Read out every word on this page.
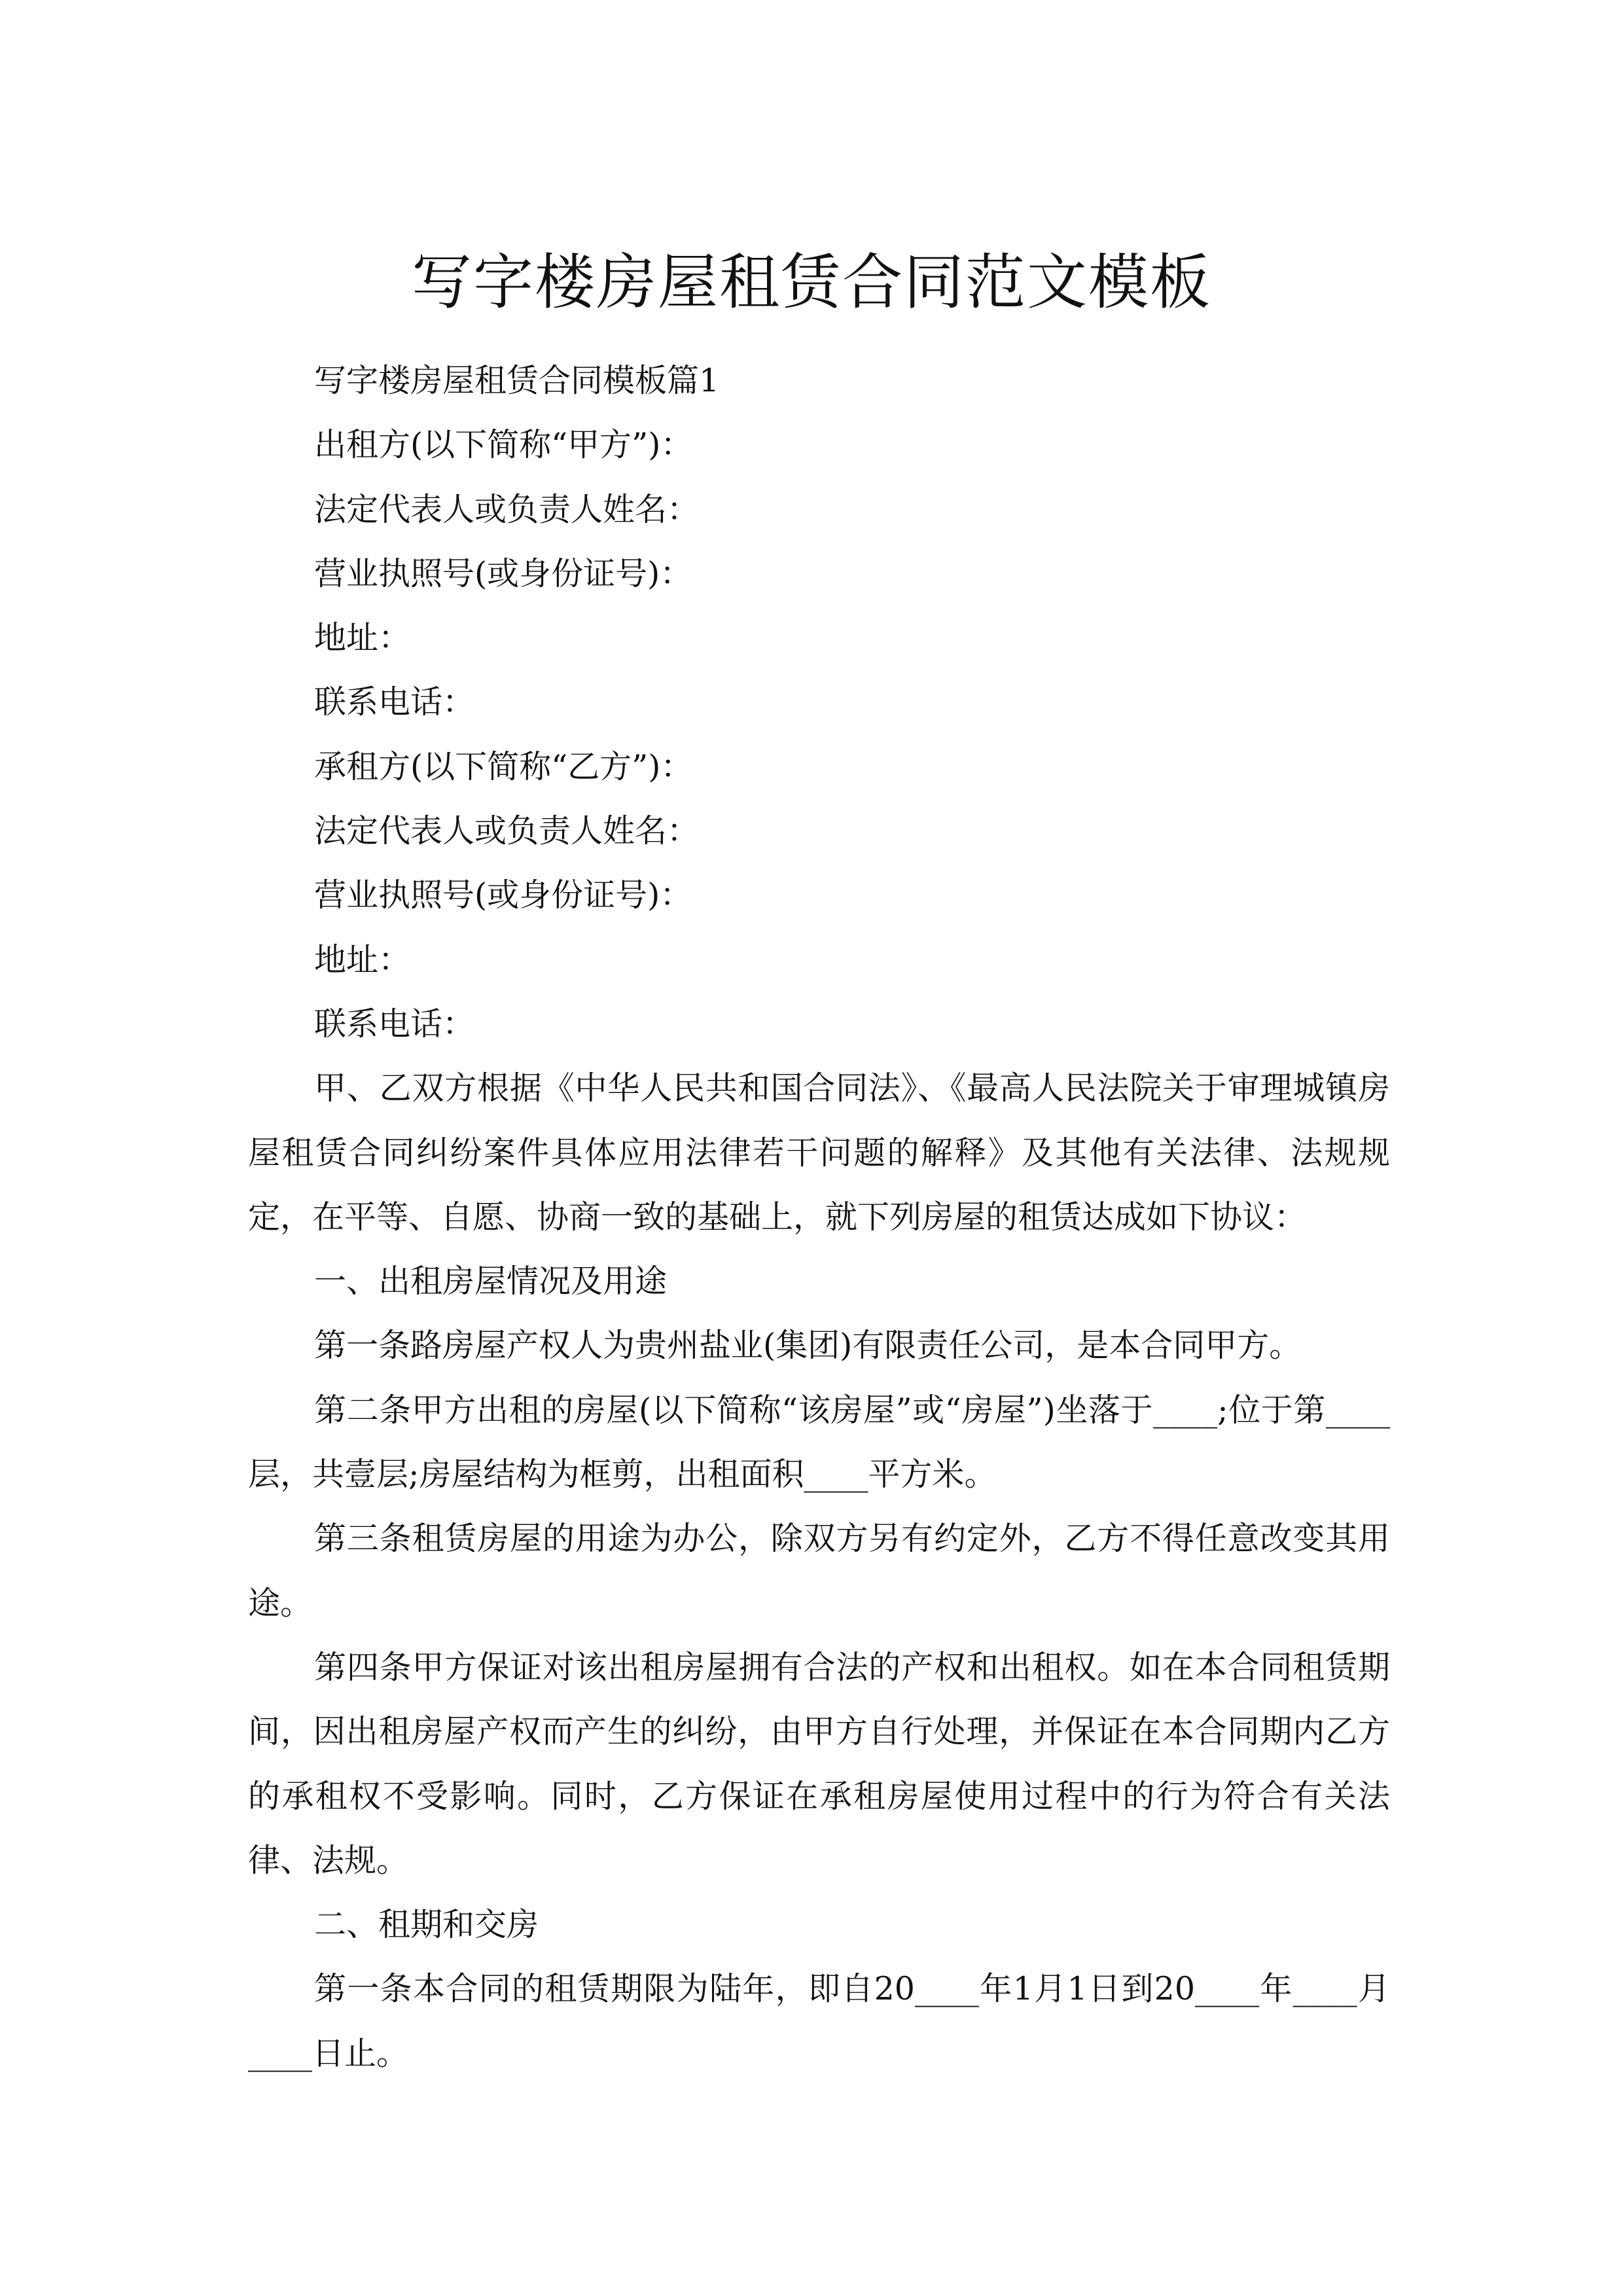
写字楼房屋租赁合同范文模板

写字楼房屋租赁合同模板篇1

出租方(以下简称“甲方”)：

法定代表人或负责人姓名：

营业执照号(或身份证号)：

地址：

联系电话：

承租方(以下简称“乙方”)：

法定代表人或负责人姓名：

营业执照号(或身份证号)：

地址：

联系电话：

甲、乙双方根据《中华人民共和国合同法》、《最高人民法院关于审理城镇房屋租赁合同纠纷案件具体应用法律若干问题的解释》及其他有关法律、法规规定，在平等、自愿、协商一致的基础上，就下列房屋的租赁达成如下协议：

一、出租房屋情况及用途

第一条路房屋产权人为贵州盐业(集团)有限责任公司，是本合同甲方。

第二条甲方出租的房屋(以下简称“该房屋”或“房屋”)坐落于____;位于第____层，共壹层;房屋结构为框剪，出租面积____平方米。

第三条租赁房屋的用途为办公，除双方另有约定外，乙方不得任意改变其用途。

第四条甲方保证对该出租房屋拥有合法的产权和出租权。如在本合同租赁期间，因出租房屋产权而产生的纠纷，由甲方自行处理，并保证在本合同期内乙方的承租权不受影响。同时，乙方保证在承租房屋使用过程中的行为符合有关法律、法规。

二、租期和交房

第一条本合同的租赁期限为陆年，即自20____年1月1日到20____年____月____日止。
